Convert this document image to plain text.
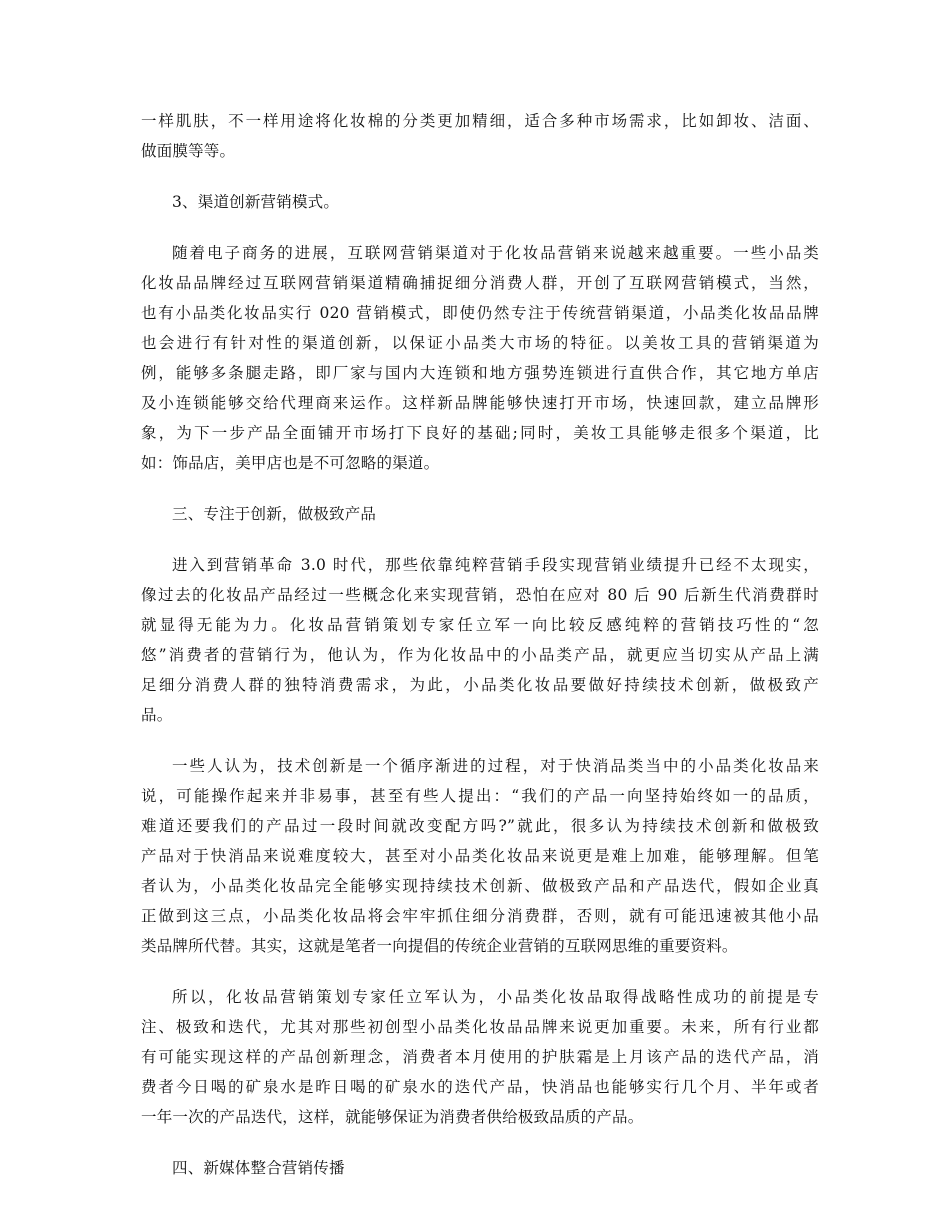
一样肌肤，不一样用途将化妆棉的分类更加精细，适合多种市场需求，比如卸妆、洁面、
做面膜等等。
3、渠道创新营销模式。
随着电子商务的进展，互联网营销渠道对于化妆品营销来说越来越重要。一些小品类
化妆品品牌经过互联网营销渠道精确捕捉细分消费人群，开创了互联网营销模式，当然，
也有小品类化妆品实行 020 营销模式，即使仍然专注于传统营销渠道，小品类化妆品品牌
也会进行有针对性的渠道创新，以保证小品类大市场的特征。以美妆工具的营销渠道为
例，能够多条腿走路，即厂家与国内大连锁和地方强势连锁进行直供合作，其它地方单店
及小连锁能够交给代理商来运作。这样新品牌能够快速打开市场，快速回款，建立品牌形
象，为下一步产品全面铺开市场打下良好的基础;同时，美妆工具能够走很多个渠道，比
如：饰品店，美甲店也是不可忽略的渠道。
三、专注于创新，做极致产品
进入到营销革命 3.0 时代，那些依靠纯粹营销手段实现营销业绩提升已经不太现实，
像过去的化妆品产品经过一些概念化来实现营销，恐怕在应对 80 后 90 后新生代消费群时
就显得无能为力。化妆品营销策划专家任立军一向比较反感纯粹的营销技巧性的“忽
悠”消费者的营销行为，他认为，作为化妆品中的小品类产品，就更应当切实从产品上满
足细分消费人群的独特消费需求，为此，小品类化妆品要做好持续技术创新，做极致产
品。
一些人认为，技术创新是一个循序渐进的过程，对于快消品类当中的小品类化妆品来
说，可能操作起来并非易事，甚至有些人提出：“我们的产品一向坚持始终如一的品质，
难道还要我们的产品过一段时间就改变配方吗?”就此，很多认为持续技术创新和做极致
产品对于快消品来说难度较大，甚至对小品类化妆品来说更是难上加难，能够理解。但笔
者认为，小品类化妆品完全能够实现持续技术创新、做极致产品和产品迭代，假如企业真
正做到这三点，小品类化妆品将会牢牢抓住细分消费群，否则，就有可能迅速被其他小品
类品牌所代替。其实，这就是笔者一向提倡的传统企业营销的互联网思维的重要资料。
所以，化妆品营销策划专家任立军认为，小品类化妆品取得战略性成功的前提是专
注、极致和迭代，尤其对那些初创型小品类化妆品品牌来说更加重要。未来，所有行业都
有可能实现这样的产品创新理念，消费者本月使用的护肤霜是上月该产品的迭代产品，消
费者今日喝的矿泉水是昨日喝的矿泉水的迭代产品，快消品也能够实行几个月、半年或者
一年一次的产品迭代，这样，就能够保证为消费者供给极致品质的产品。
四、新媒体整合营销传播
